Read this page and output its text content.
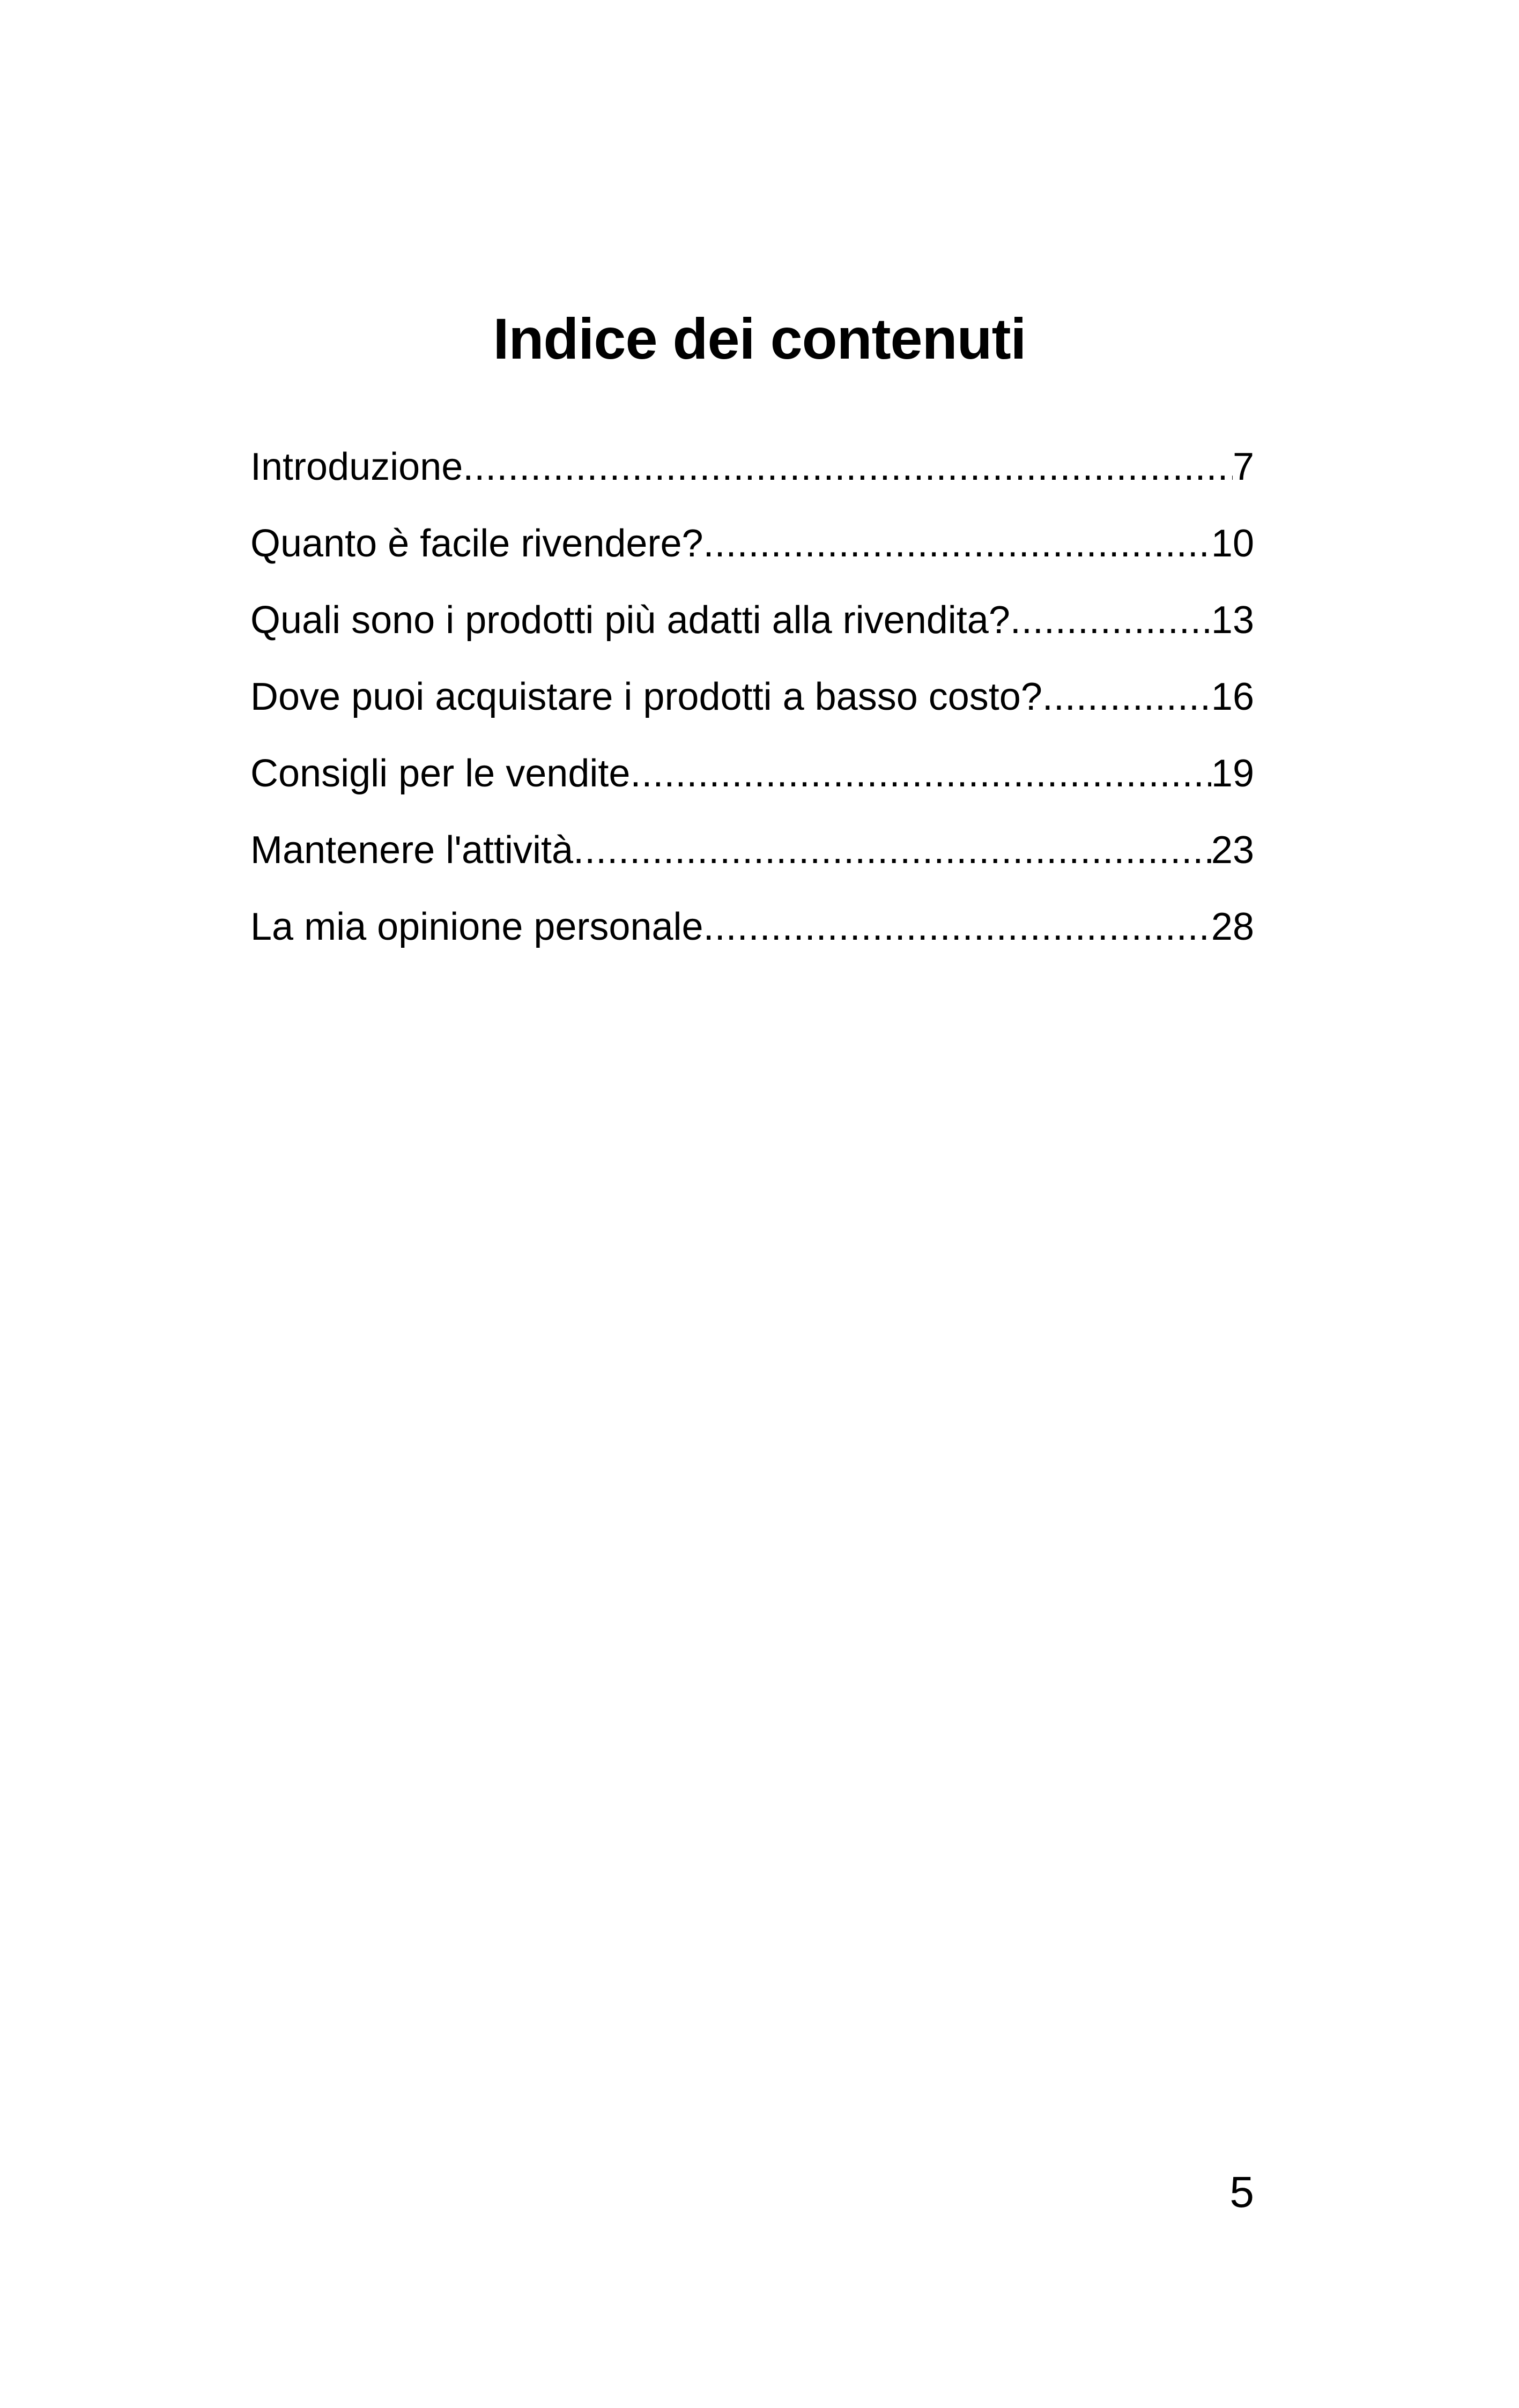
Indice dei contenuti
Introduzione .....	7
Quanto è facile rivendere? .....	10
Quali sono i prodotti più adatti alla rivendita? .....	13
Dove puoi acquistare i prodotti a basso costo? .....	16
Consigli per le vendite .....	19
Mantenere l'attività .....	23
La mia opinione personale .....	28
5
